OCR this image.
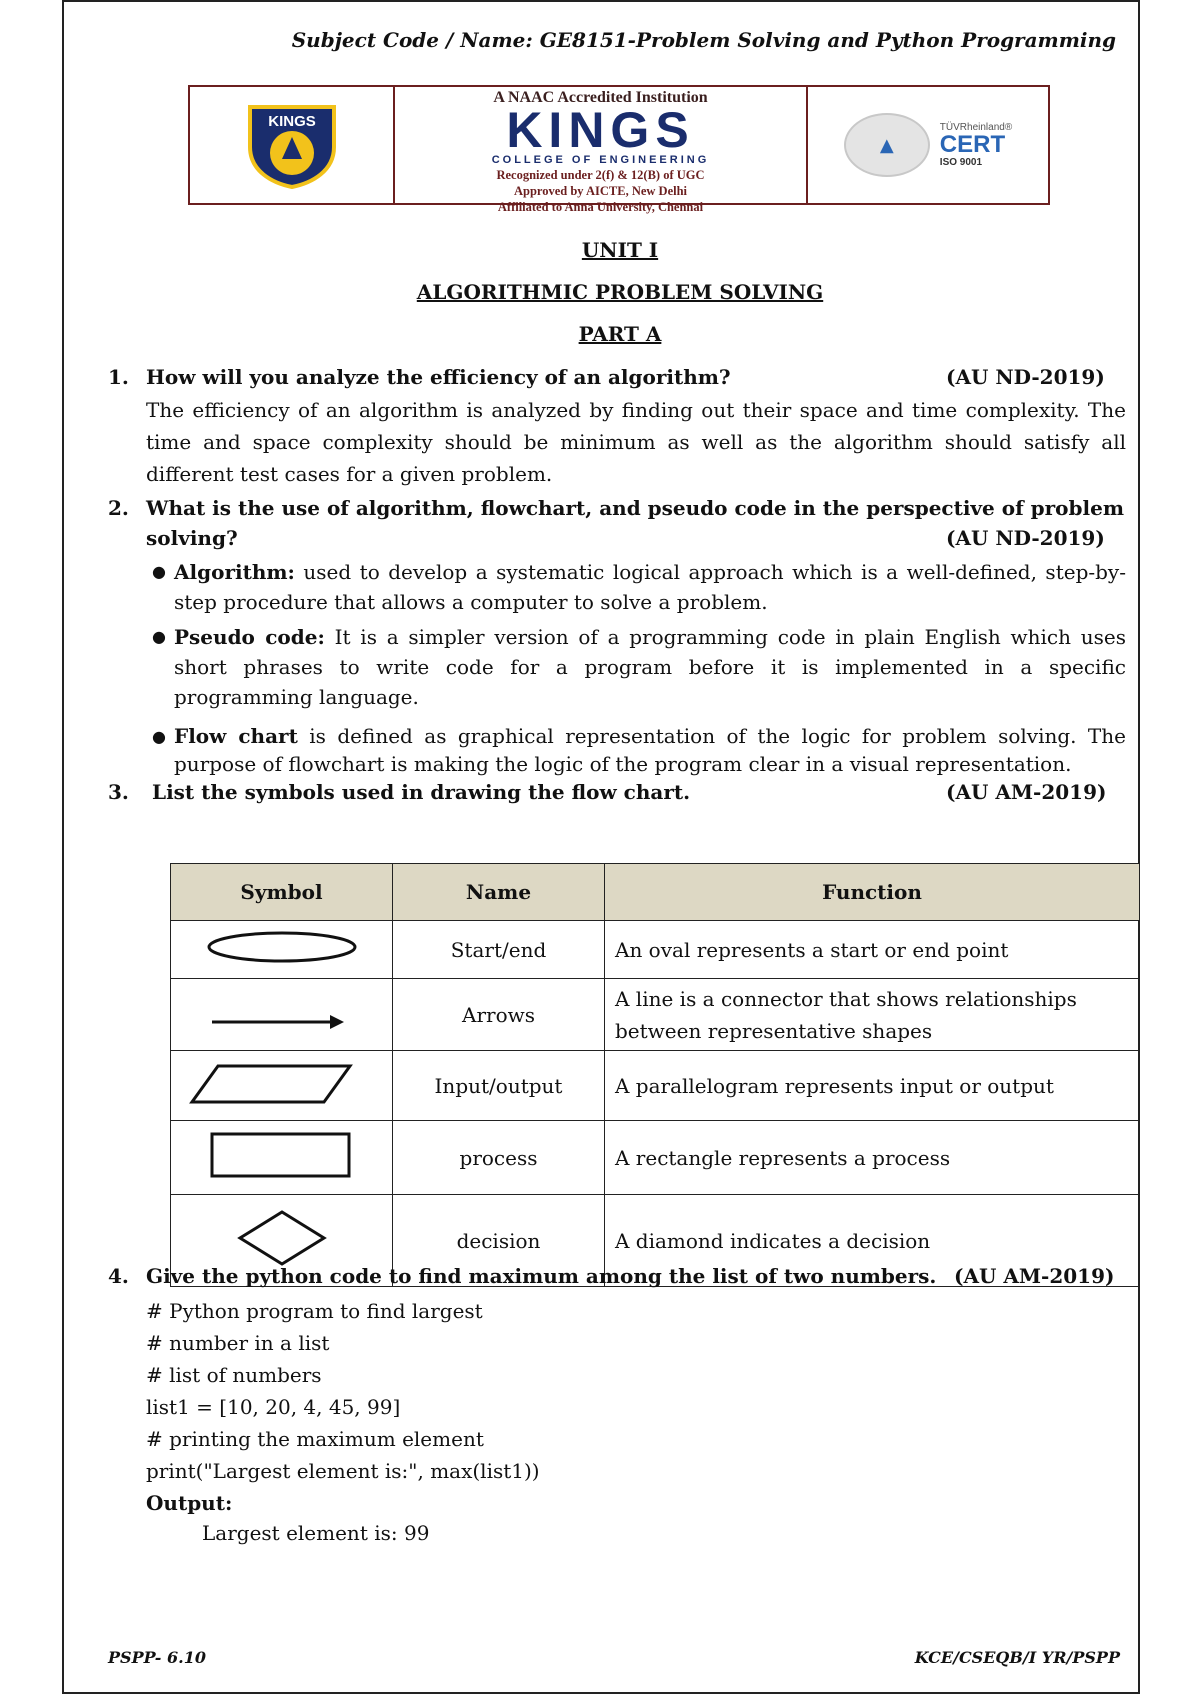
Subject Code / Name: GE8151-Problem Solving and Python Programming
KINGS
A NAAC Accredited Institution
KINGS
COLLEGE OF ENGINEERING
Recognized under 2(f) & 12(B) of UGC
Approved by AICTE, New Delhi
Affiliated to Anna University, Chennai
▲
TÜVRheinland®
CERT
ISO 9001
UNIT I
ALGORITHMIC PROBLEM SOLVING
PART A
1. How will you analyze the efficiency of an algorithm?	(AU ND-2019)
The efficiency of an algorithm is analyzed by finding out their space and time complexity. The time and space complexity should be minimum as well as the algorithm should satisfy all different test cases for a given problem.
2. What is the use of algorithm, flowchart, and pseudo code in the perspective of problem
solving?	(AU ND-2019)
● Algorithm: used to develop a systematic logical approach which is a well-defined, step-by-step procedure that allows a computer to solve a problem.
● Pseudo code: It is a simpler version of a programming code in plain English which uses short phrases to write code for a program before it is implemented in a specific programming language.
● Flow chart is defined as graphical representation of the logic for problem solving. The purpose of flowchart is making the logic of the program clear in a visual representation.
3. List the symbols used in drawing the flow chart.	(AU AM-2019)
Symbol	Name	Function
	Start/end	An oval represents a start or end point
	Arrows	A line is a connector that shows relationships between representative shapes
	Input/output	A parallelogram represents input or output
	process	A rectangle represents a process
	decision	A diamond indicates a decision
4. Give the python code to find maximum among the list of two numbers. (AU AM-2019)
# Python program to find largest
# number in a list
# list of numbers
list1 = [10, 20, 4, 45, 99]
# printing the maximum element
print("Largest element is:", max(list1))
Output:
Largest element is: 99
PSPP- 6.10	KCE/CSEQB/I YR/PSPP
